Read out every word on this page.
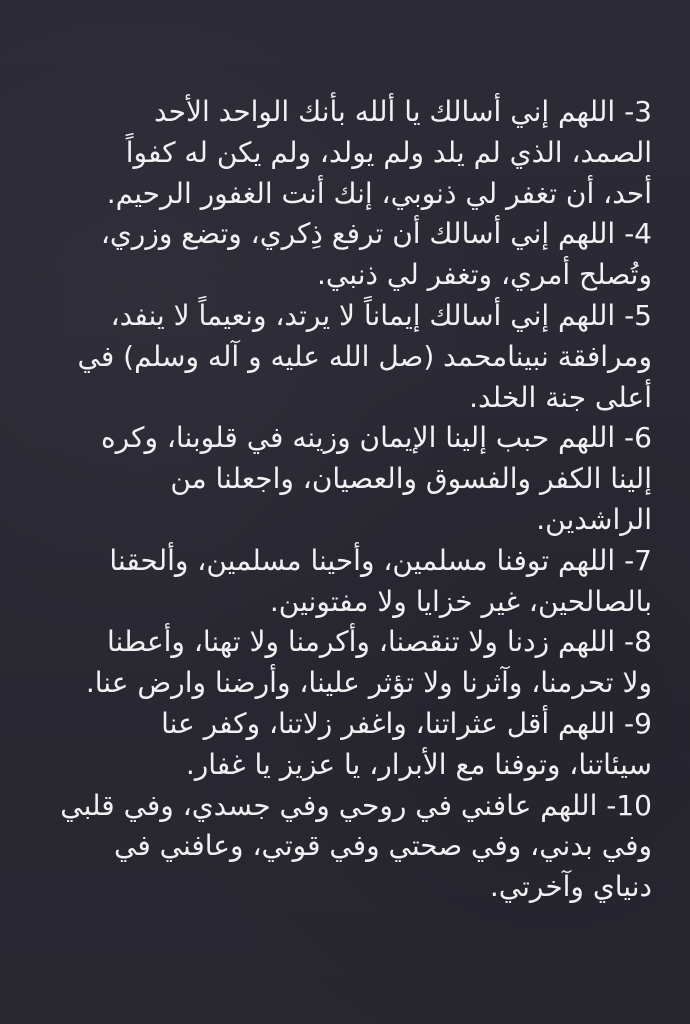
3- اللهم إني أسالك يا ألله بأنك الواحد الأحد
الصمد، الذي لم يلد ولم يولد، ولم يكن له كفواً
أحد، أن تغفر لي ذنوبي، إنك أنت الغفور الرحيم.
4- اللهم إني أسالك أن ترفع ذِكري، وتضع وزري،
وتُصلح أمري، وتغفر لي ذنبي.
5- اللهم إني أسالك إيماناً لا يرتد، ونعيماً لا ينفد،
ومرافقة نبينامحمد (صل الله عليه و آله وسلم) في
أعلى جنة الخلد.
6- اللهم حبب إلينا الإيمان وزينه في قلوبنا، وكره
إلينا الكفر والفسوق والعصيان، واجعلنا من
الراشدين.
7- اللهم توفنا مسلمين، وأحينا مسلمين، وألحقنا
بالصالحين، غير خزايا ولا مفتونين.
8- اللهم زدنا ولا تنقصنا، وأكرمنا ولا تهنا، وأعطنا
ولا تحرمنا، وآثرنا ولا تؤثر علينا، وأرضنا وارض عنا.
9- اللهم أقل عثراتنا، واغفر زلاتنا، وكفر عنا
سيئاتنا، وتوفنا مع الأبرار، يا عزيز يا غفار.
10- اللهم عافني في روحي وفي جسدي، وفي قلبي
وفي بدني، وفي صحتي وفي قوتي، وعافني في
دنياي وآخرتي.
